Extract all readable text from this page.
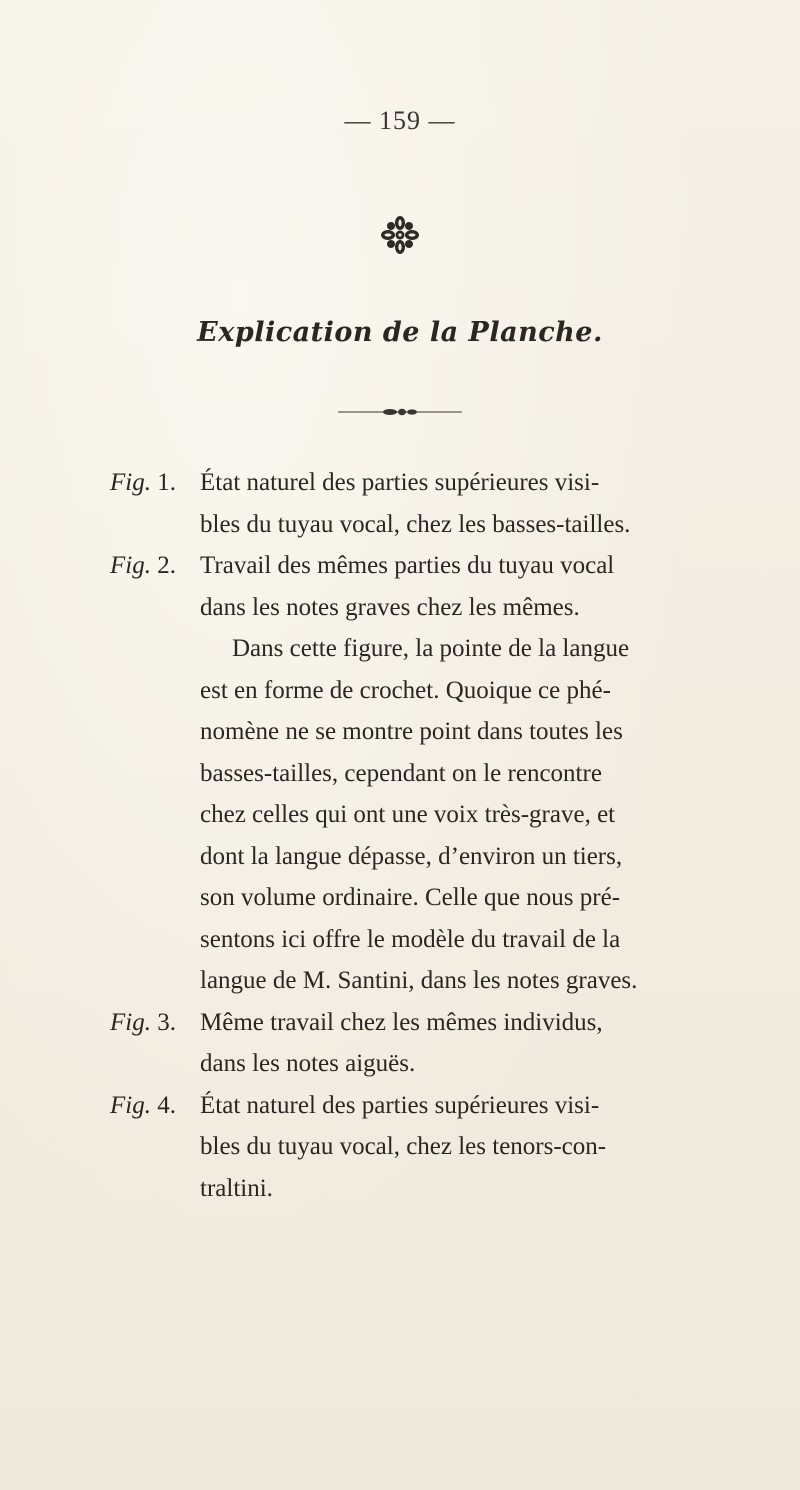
— 159 —
Explication de la Planche.
Fig. 1. État naturel des parties supérieures visi-
bles du tuyau vocal, chez les basses-tailles.
Fig. 2. Travail des mêmes parties du tuyau vocal
dans les notes graves chez les mêmes.
Dans cette figure, la pointe de la langue
est en forme de crochet. Quoique ce phé-
nomène ne se montre point dans toutes les
basses-tailles, cependant on le rencontre
chez celles qui ont une voix très-grave, et
dont la langue dépasse, d’environ un tiers,
son volume ordinaire. Celle que nous pré-
sentons ici offre le modèle du travail de la
langue de M. Santini, dans les notes graves.
Fig. 3. Même travail chez les mêmes individus,
dans les notes aiguës.
Fig. 4. État naturel des parties supérieures visi-
bles du tuyau vocal, chez les tenors-con-
traltini.
